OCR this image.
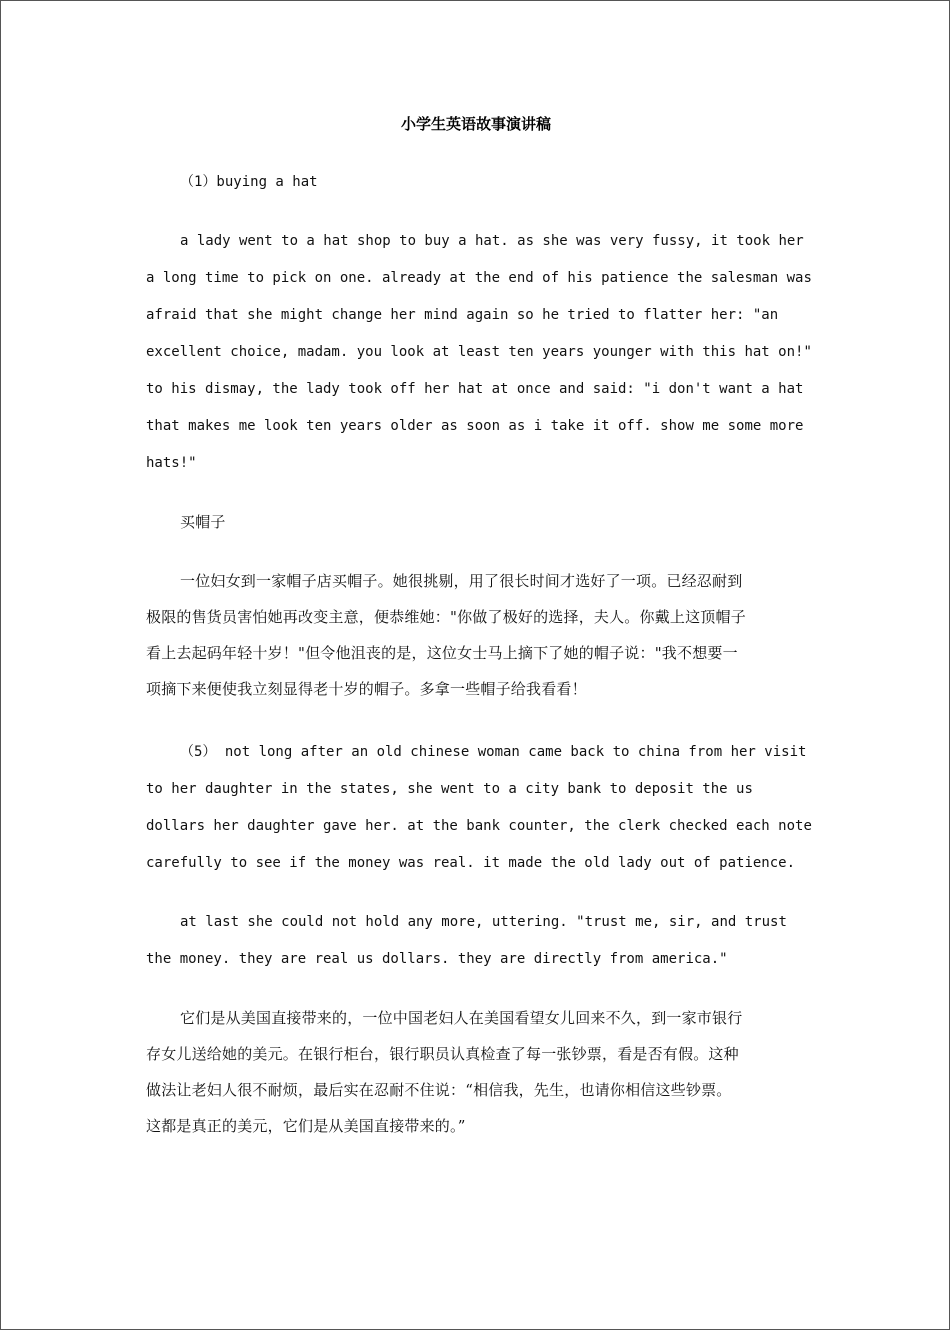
小学生英语故事演讲稿
（1）buying a hat
a lady went to a hat shop to buy a hat. as she was very fussy, it took her
a long time to pick on one. already at the end of his patience the salesman was
afraid that she might change her mind again so he tried to flatter her: "an
excellent choice, madam. you look at least ten years younger with this hat on!"
to his dismay, the lady took off her hat at once and said: "i don't want a hat
that makes me look ten years older as soon as i take it off. show me some more
hats!"
买帽子
一位妇女到一家帽子店买帽子。她很挑剔，用了很长时间才选好了一项。已经忍耐到
极限的售货员害怕她再改变主意，便恭维她："你做了极好的选择，夫人。你戴上这顶帽子
看上去起码年轻十岁！"但令他沮丧的是，这位女士马上摘下了她的帽子说："我不想要一
项摘下来便使我立刻显得老十岁的帽子。多拿一些帽子给我看看！
（5） not long after an old chinese woman came back to china from her visit
to her daughter in the states, she went to a city bank to deposit the us
dollars her daughter gave her. at the bank counter, the clerk checked each note
carefully to see if the money was real. it made the old lady out of patience.
at last she could not hold any more, uttering. "trust me, sir, and trust
the money. they are real us dollars. they are directly from america."
它们是从美国直接带来的，一位中国老妇人在美国看望女儿回来不久，到一家市银行
存女儿送给她的美元。在银行柜台，银行职员认真检查了每一张钞票，看是否有假。这种
做法让老妇人很不耐烦，最后实在忍耐不住说：“相信我，先生，也请你相信这些钞票。
这都是真正的美元，它们是从美国直接带来的。”
